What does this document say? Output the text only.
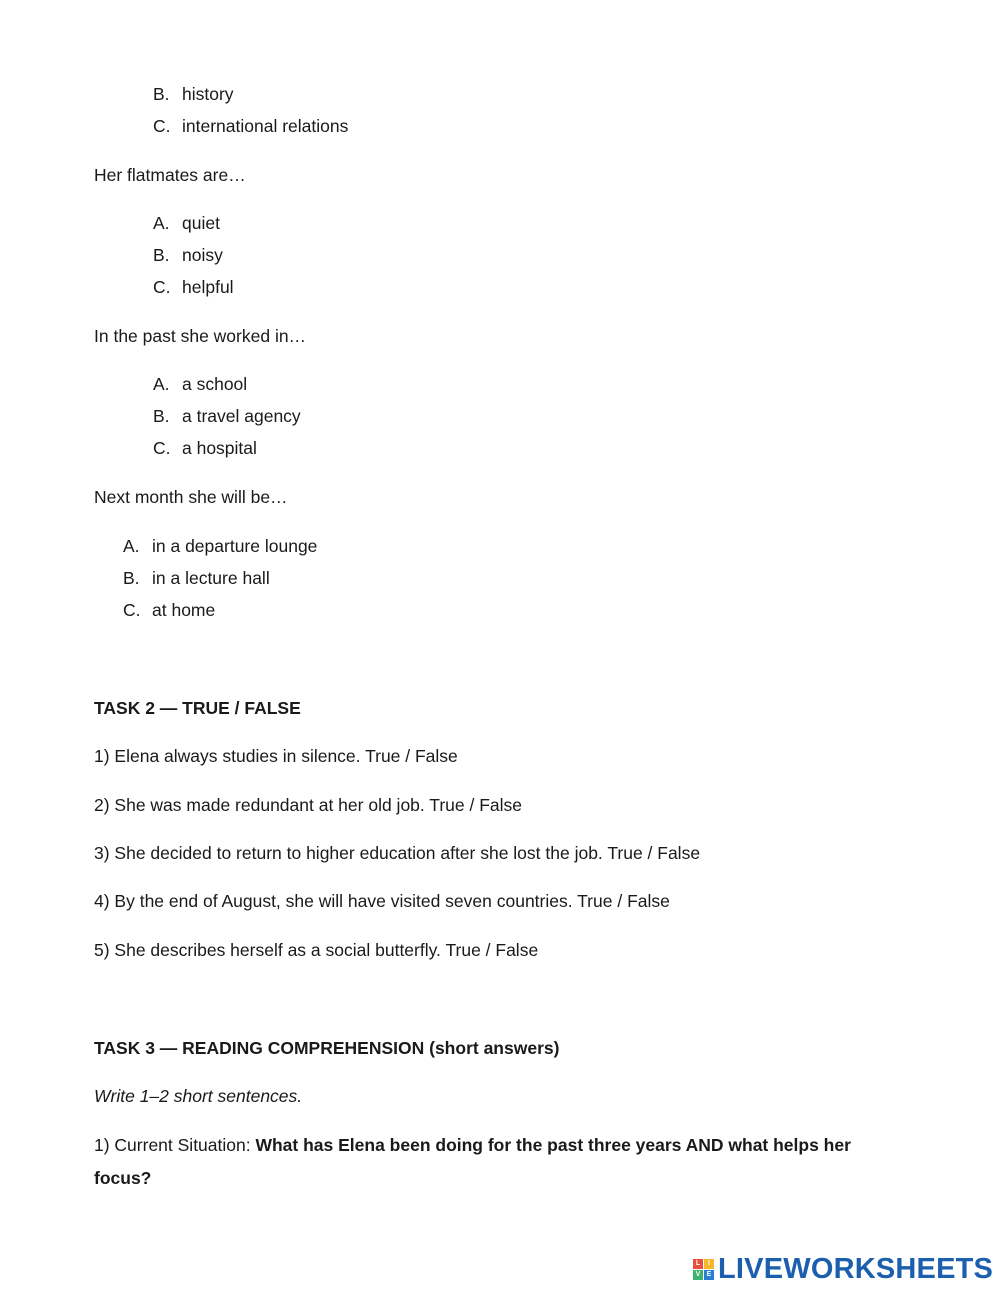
B. history
C. international relations
Her flatmates are…
A. quiet
B. noisy
C. helpful
In the past she worked in…
A. a school
B. a travel agency
C. a hospital
Next month she will be…
A. in a departure lounge
B. in a lecture hall
C. at home
TASK 2 — TRUE / FALSE
1) Elena always studies in silence. True / False
2) She was made redundant at her old job. True / False
3) She decided to return to higher education after she lost the job. True / False
4) By the end of August, she will have visited seven countries. True / False
5) She describes herself as a social butterfly. True / False
TASK 3 — READING COMPREHENSION (short answers)
Write 1–2 short sentences.
1) Current Situation: What has Elena been doing for the past three years AND what helps her focus?
L	I
V E LIVEWORKSHEETS
